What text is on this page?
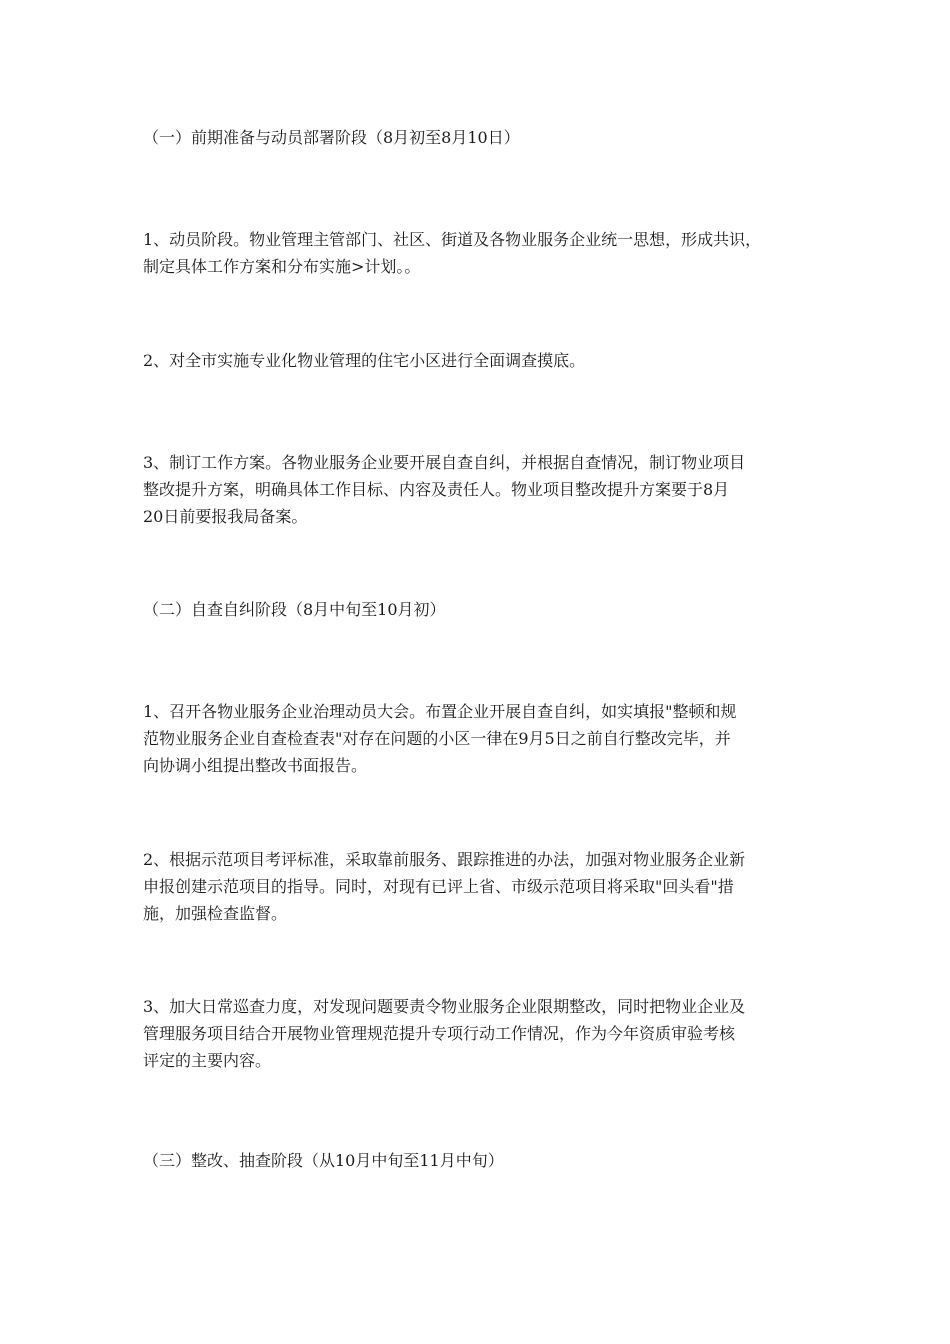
（一）前期准备与动员部署阶段（8月初至8月10日）
1、动员阶段。物业管理主管部门、社区、街道及各物业服务企业统一思想，形成共识，
制定具体工作方案和分布实施>计划。。
2、对全市实施专业化物业管理的住宅小区进行全面调查摸底。
3、制订工作方案。各物业服务企业要开展自查自纠，并根据自查情况，制订物业项目
整改提升方案，明确具体工作目标、内容及责任人。物业项目整改提升方案要于8月
20日前要报我局备案。
（二）自查自纠阶段（8月中旬至10月初）
1、召开各物业服务企业治理动员大会。布置企业开展自查自纠，如实填报"整顿和规
范物业服务企业自查检查表"对存在问题的小区一律在9月5日之前自行整改完毕，并
向协调小组提出整改书面报告。
2、根据示范项目考评标准，采取靠前服务、跟踪推进的办法，加强对物业服务企业新
申报创建示范项目的指导。同时，对现有已评上省、市级示范项目将采取"回头看"措
施，加强检查监督。
3、加大日常巡查力度，对发现问题要责令物业服务企业限期整改，同时把物业企业及
管理服务项目结合开展物业管理规范提升专项行动工作情况，作为今年资质审验考核
评定的主要内容。
（三）整改、抽查阶段（从10月中旬至11月中旬）
